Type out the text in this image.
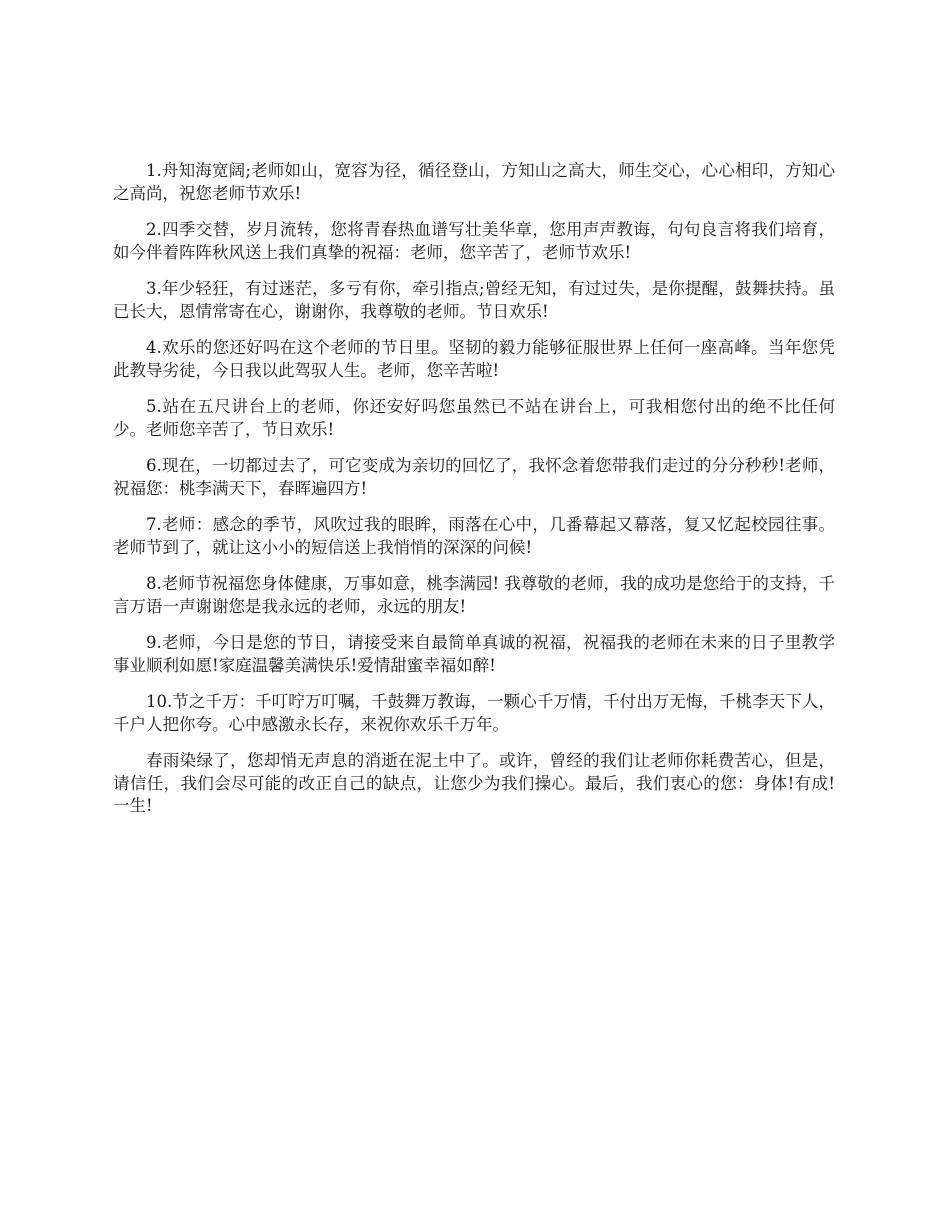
1.舟知海宽阔;老师如山，宽容为径，循径登山，方知山之高大，师生交心，心心相印，方知心之高尚，祝您老师节欢乐!

2.四季交替，岁月流转，您将青春热血谱写壮美华章，您用声声教诲，句句良言将我们培育，如今伴着阵阵秋风送上我们真挚的祝福：老师，您辛苦了，老师节欢乐!

3.年少轻狂，有过迷茫，多亏有你，牵引指点;曾经无知，有过过失，是你提醒，鼓舞扶持。虽已长大，恩情常寄在心，谢谢你，我尊敬的老师。节日欢乐!

4.欢乐的您还好吗在这个老师的节日里。坚韧的毅力能够征服世界上任何一座高峰。当年您凭此教导劣徒，今日我以此驾驭人生。老师，您辛苦啦!

5.站在五尺讲台上的老师，你还安好吗您虽然已不站在讲台上，可我相您付出的绝不比任何少。老师您辛苦了，节日欢乐!

6.现在，一切都过去了，可它变成为亲切的回忆了，我怀念着您带我们走过的分分秒秒!老师，祝福您：桃李满天下，春晖遍四方!

7.老师：感念的季节，风吹过我的眼眸，雨落在心中，几番幕起又幕落，复又忆起校园往事。老师节到了，就让这小小的短信送上我悄悄的深深的问候!

8.老师节祝福您身体健康，万事如意，桃李满园! 我尊敬的老师，我的成功是您给于的支持，千言万语一声谢谢您是我永远的老师，永远的朋友!

9.老师，今日是您的节日，请接受来自最简单真诚的祝福，祝福我的老师在未来的日子里教学事业顺利如愿!家庭温馨美满快乐!爱情甜蜜幸福如醉!

10.节之千万：千叮咛万叮嘱，千鼓舞万教诲，一颗心千万情，千付出万无悔，千桃李天下人，千户人把你夸。心中感激永长存，来祝你欢乐千万年。

春雨染绿了，您却悄无声息的消逝在泥土中了。或许，曾经的我们让老师你耗费苦心，但是，请信任，我们会尽可能的改正自己的缺点，让您少为我们操心。最后，我们衷心的您：身体!有成!一生!
